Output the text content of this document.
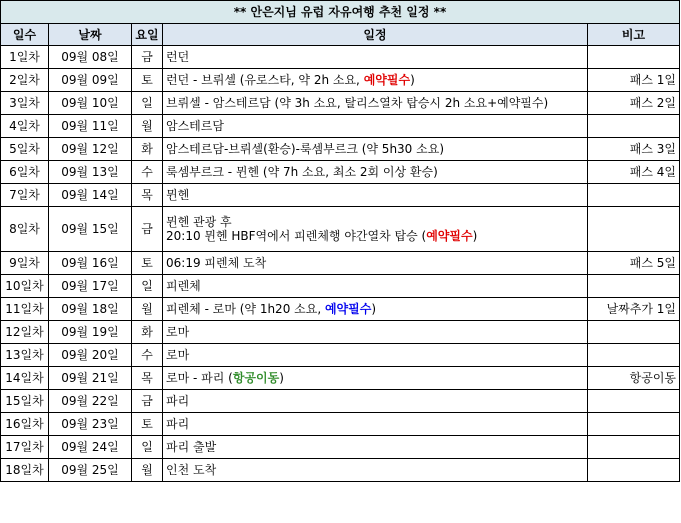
** 안은지님 유럽 자유여행 추천 일정 **				
일수	날짜	요일	일정	비고
1일차	09월 08일	금	런던	

2일차	09월 09일	토	런던 - 브뤼셀 (유로스타, 약 2h 소요, 예약필수)	패스 1일
3일차	09월 10일	일	브뤼셀 - 암스테르담 (약 3h 소요, 탈리스열차 탑승시 2h 소요+예약필수)	패스 2일
4일차	09월 11일	월	암스테르담	

5일차	09월 12일	화	암스테르담-브뤼셀(환승)-룩셈부르크 (약 5h30 소요)	패스 3일
6일차	09월 13일	수	룩셈부르크 - 뮌헨 (약 7h 소요, 최소 2회 이상 환승)	패스 4일
7일차	09월 14일	목	뮌헨	

8일차	09월 15일	금	뮌헨 관광 후
20:10 뮌헨 HBF역에서 피렌체행 야간열차 탑승 (예약필수)	

9일차	09월 16일	토	06:19 피렌체 도착	패스 5일
10일차	09월 17일	일	피렌체	

11일차	09월 18일	월	피렌체 - 로마 (약 1h20 소요, 예약필수)	날짜추가 1일
12일차	09월 19일	화	로마	

13일차	09월 20일	수	로마	

14일차	09월 21일	목	로마 - 파리 (항공이동)	항공이동
15일차	09월 22일	금	파리	

16일차	09월 23일	토	파리	

17일차	09월 24일	일	파리 출발	

18일차	09월 25일	월	인천 도착	
